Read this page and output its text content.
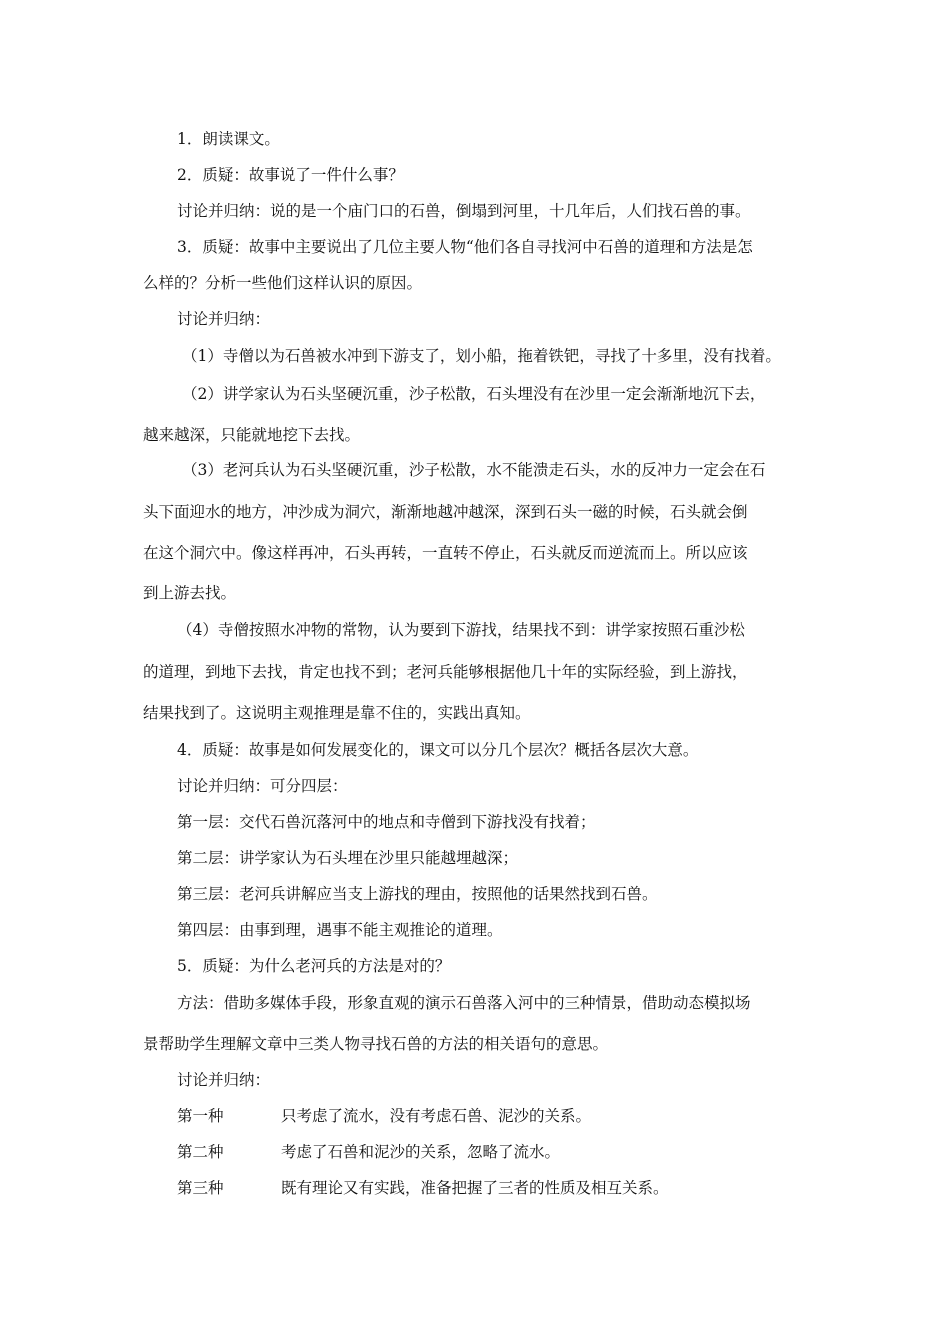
1．朗读课文。
2．质疑：故事说了一件什么事？
讨论并归纳：说的是一个庙门口的石兽，倒塌到河里，十几年后，人们找石兽的事。
3．质疑：故事中主要说出了几位主要人物“他们各自寻找河中石兽的道理和方法是怎
么样的？分析一些他们这样认识的原因。
讨论并归纳：
（1）寺僧以为石兽被水冲到下游支了，划小船，拖着铁钯，寻找了十多里，没有找着。
（2）讲学家认为石头坚硬沉重，沙子松散，石头埋没有在沙里一定会渐渐地沉下去，
越来越深，只能就地挖下去找。
（3）老河兵认为石头坚硬沉重，沙子松散，水不能溃走石头，水的反冲力一定会在石
头下面迎水的地方，冲沙成为洞穴，渐渐地越冲越深，深到石头一磁的时候，石头就会倒
在这个洞穴中。像这样再冲，石头再转，一直转不停止，石头就反而逆流而上。所以应该
到上游去找。
（4）寺僧按照水冲物的常物，认为要到下游找，结果找不到：讲学家按照石重沙松
的道理，到地下去找，肯定也找不到；老河兵能够根据他几十年的实际经验，到上游找，
结果找到了。这说明主观推理是靠不住的，实践出真知。
4．质疑：故事是如何发展变化的，课文可以分几个层次？概括各层次大意。
讨论并归纳：可分四层：
第一层：交代石兽沉落河中的地点和寺僧到下游找没有找着；
第二层：讲学家认为石头埋在沙里只能越埋越深；
第三层：老河兵讲解应当支上游找的理由，按照他的话果然找到石兽。
第四层：由事到理，遇事不能主观推论的道理。
5．质疑：为什么老河兵的方法是对的？
方法：借助多媒体手段，形象直观的演示石兽落入河中的三种情景，借助动态模拟场
景帮助学生理解文章中三类人物寻找石兽的方法的相关语句的意思。
讨论并归纳：
第一种	只考虑了流水，没有考虑石兽、泥沙的关系。
第二种	考虑了石兽和泥沙的关系，忽略了流水。
第三种	既有理论又有实践，准备把握了三者的性质及相互关系。
